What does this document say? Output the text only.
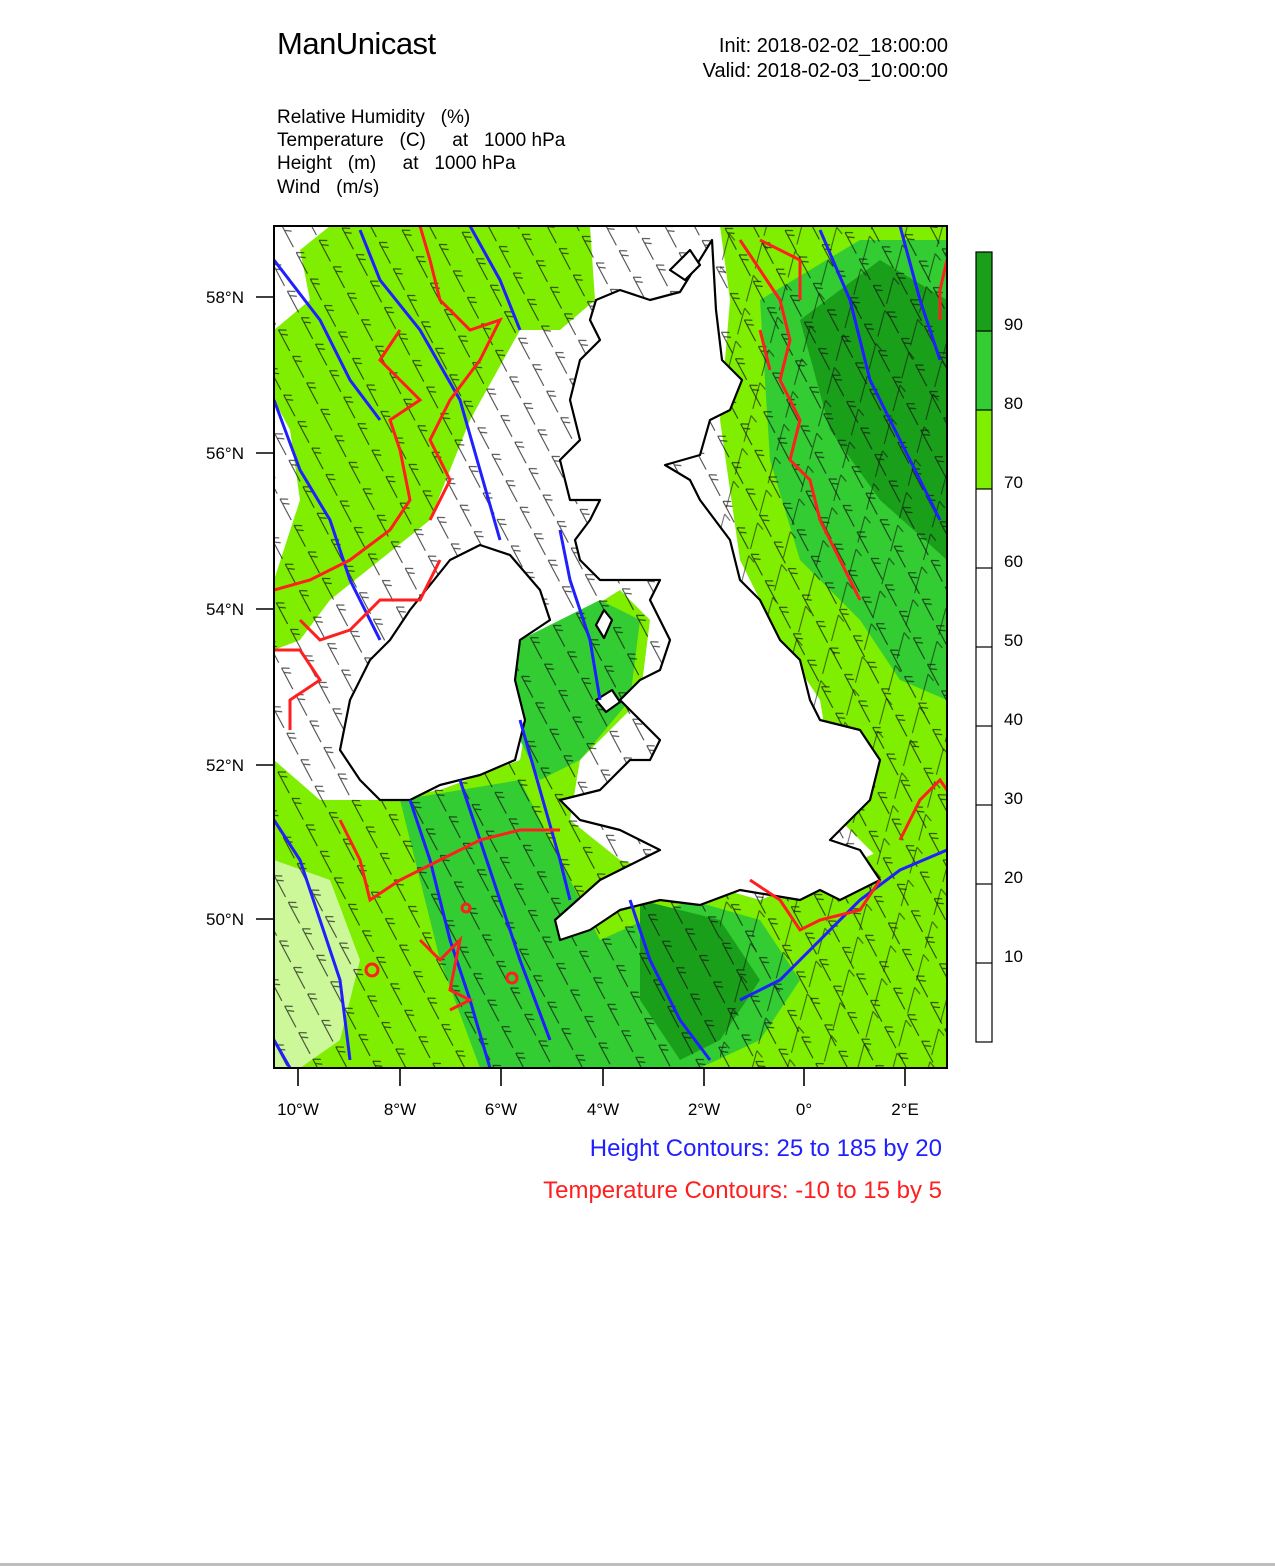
ManUnicast	Init: 2018-02-02_18:00:00
Valid: 2018-02-03_10:00:00
Relative Humidity   (%)
Temperature   (C)     at   1000 hPa
Height   (m)     at   1000 hPa
Wind   (m/s)
58°N
56°N
54°N
52°N
50°N
10°W	8°W	6°W	4°W	2°W	0°	2°E
90
80
70
60
50
40
30
20
10
Height Contours: 25 to 185 by 20
Temperature Contours: -10 to 15 by 5
